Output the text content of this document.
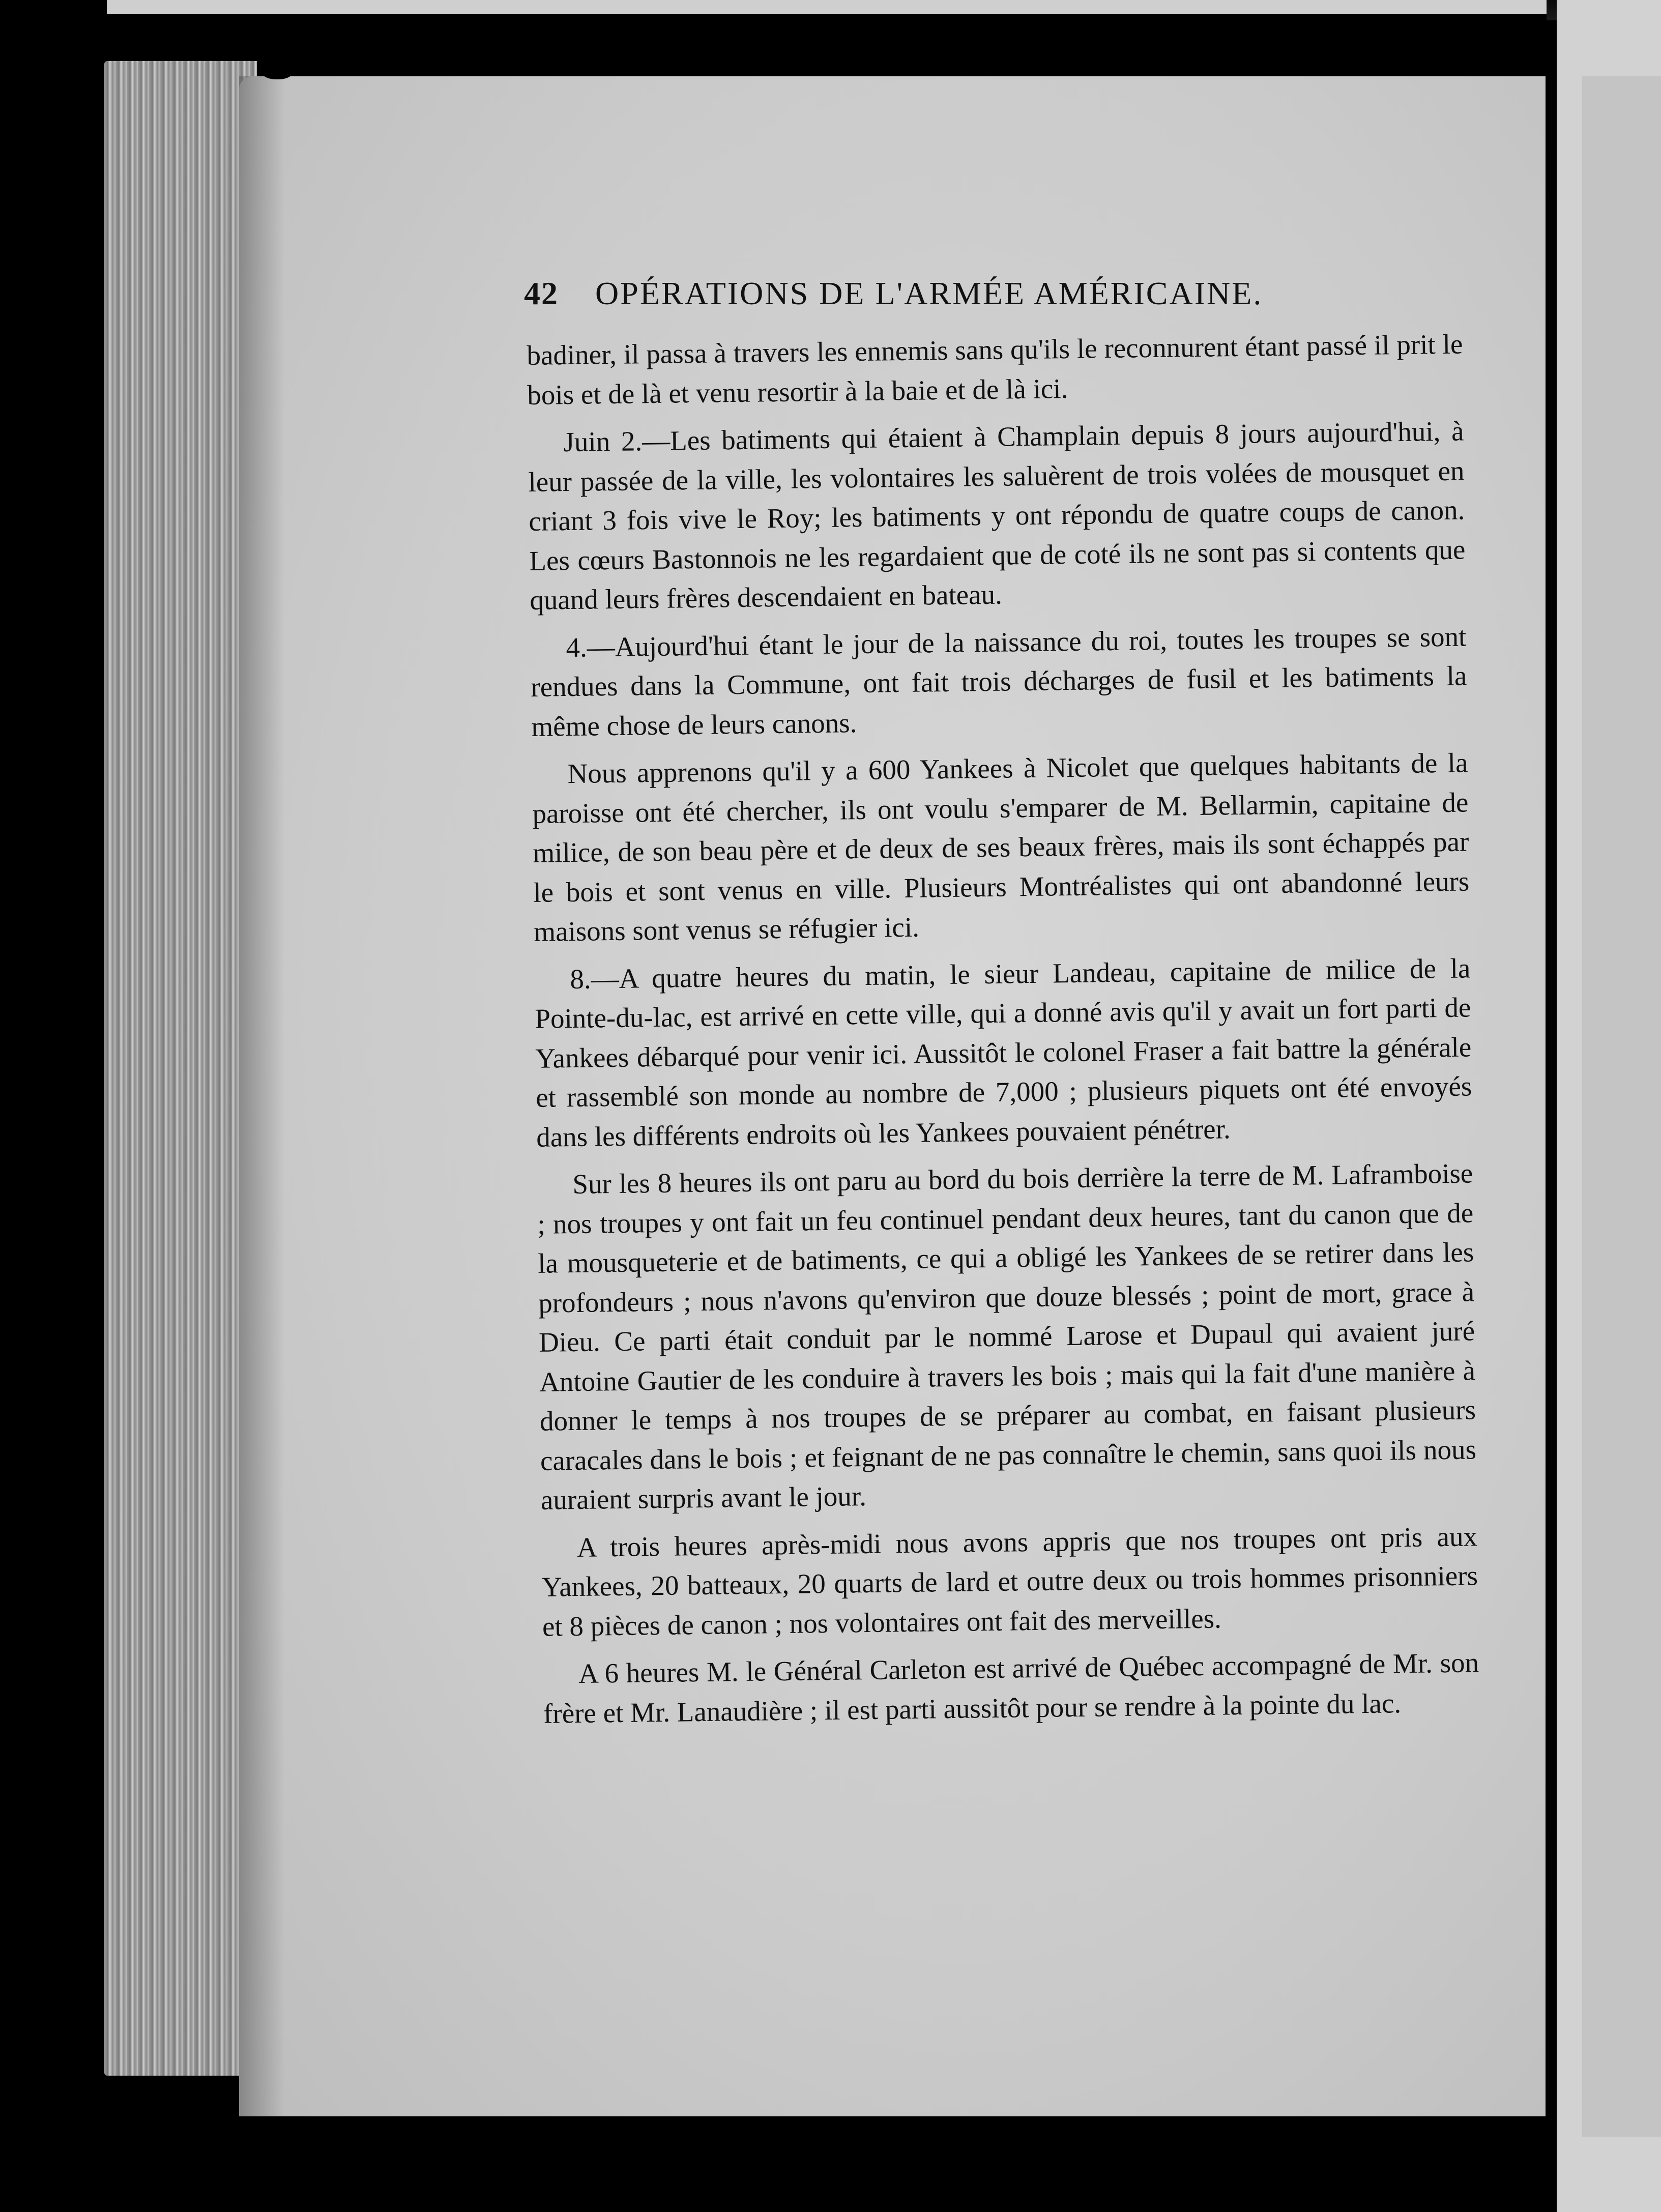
42	OPÉRATIONS DE L'ARMÉE AMÉRICAINE.

badiner, il passa à travers les ennemis sans qu'ils le reconnurent étant passé il prit le bois et de là et venu resortir à la baie et de là ici.

Juin 2.—Les batiments qui étaient à Champlain depuis 8 jours aujourd'hui, à leur passée de la ville, les volontaires les saluèrent de trois volées de mousquet en criant 3 fois vive le Roy; les batiments y ont répondu de quatre coups de canon. Les cœurs Bastonnois ne les regardaient que de coté ils ne sont pas si contents que quand leurs frères descendaient en bateau.

4.—Aujourd'hui étant le jour de la naissance du roi, toutes les troupes se sont rendues dans la Commune, ont fait trois décharges de fusil et les batiments la même chose de leurs canons.

Nous apprenons qu'il y a 600 Yankees à Nicolet que quelques habitants de la paroisse ont été chercher, ils ont voulu s'emparer de M. Bellarmin, capitaine de milice, de son beau père et de deux de ses beaux frères, mais ils sont échappés par le bois et sont venus en ville. Plusieurs Montréalistes qui ont abandonné leurs maisons sont venus se réfugier ici.

8.—A quatre heures du matin, le sieur Landeau, capitaine de milice de la Pointe-du-lac, est arrivé en cette ville, qui a donné avis qu'il y avait un fort parti de Yankees débarqué pour venir ici. Aussitôt le colonel Fraser a fait battre la générale et rassemblé son monde au nombre de 7,000 ; plusieurs piquets ont été envoyés dans les différents endroits où les Yankees pouvaient pénétrer.

Sur les 8 heures ils ont paru au bord du bois derrière la terre de M. Laframboise ; nos troupes y ont fait un feu continuel pendant deux heures, tant du canon que de la mousqueterie et de batiments, ce qui a obligé les Yankees de se retirer dans les profondeurs ; nous n'avons qu'environ que douze blessés ; point de mort, grace à Dieu. Ce parti était conduit par le nommé Larose et Dupaul qui avaient juré Antoine Gautier de les conduire à travers les bois ; mais qui la fait d'une manière à donner le temps à nos troupes de se préparer au combat, en faisant plusieurs caracales dans le bois ; et feignant de ne pas connaître le chemin, sans quoi ils nous auraient surpris avant le jour.

A trois heures après-midi nous avons appris que nos troupes ont pris aux Yankees, 20 batteaux, 20 quarts de lard et outre deux ou trois hommes prisonniers et 8 pièces de canon ; nos volontaires ont fait des merveilles.

A 6 heures M. le Général Carleton est arrivé de Québec accompagné de Mr. son frère et Mr. Lanaudière ; il est parti aussitôt pour se rendre à la pointe du lac.
